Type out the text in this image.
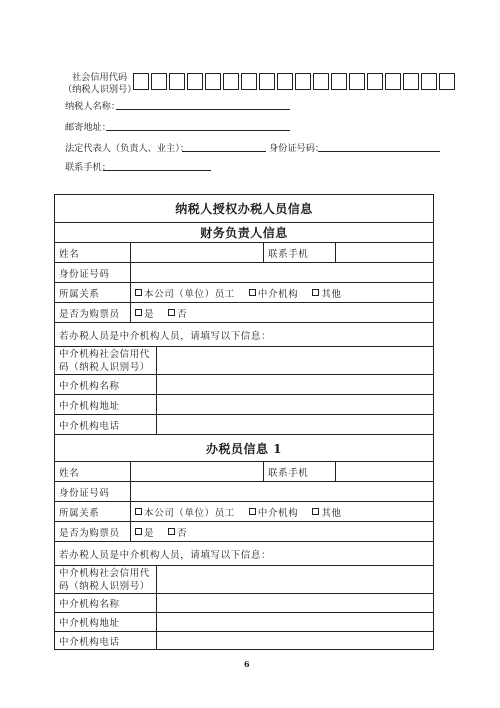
社会信用代码
（纳税人识别号）
纳税人名称：
邮寄地址：
法定代表人（负责人、业主）：	身份证号码：
联系手机：
纳税人授权办税人员信息
财务负责人信息
姓名	联系手机
身份证号码
所属关系	本公司（单位）员工 中介机构 其他
是否为购票员	是 否
若办税人员是中介机构人员，请填写以下信息：
中介机构社会信用代
码（纳税人识别号）
中介机构名称
中介机构地址
中介机构电话
办税员信息 1
姓名	联系手机
身份证号码
所属关系	本公司（单位）员工 中介机构 其他
是否为购票员	是 否
若办税人员是中介机构人员，请填写以下信息：
中介机构社会信用代
码（纳税人识别号）
中介机构名称
中介机构地址
中介机构电话
6
